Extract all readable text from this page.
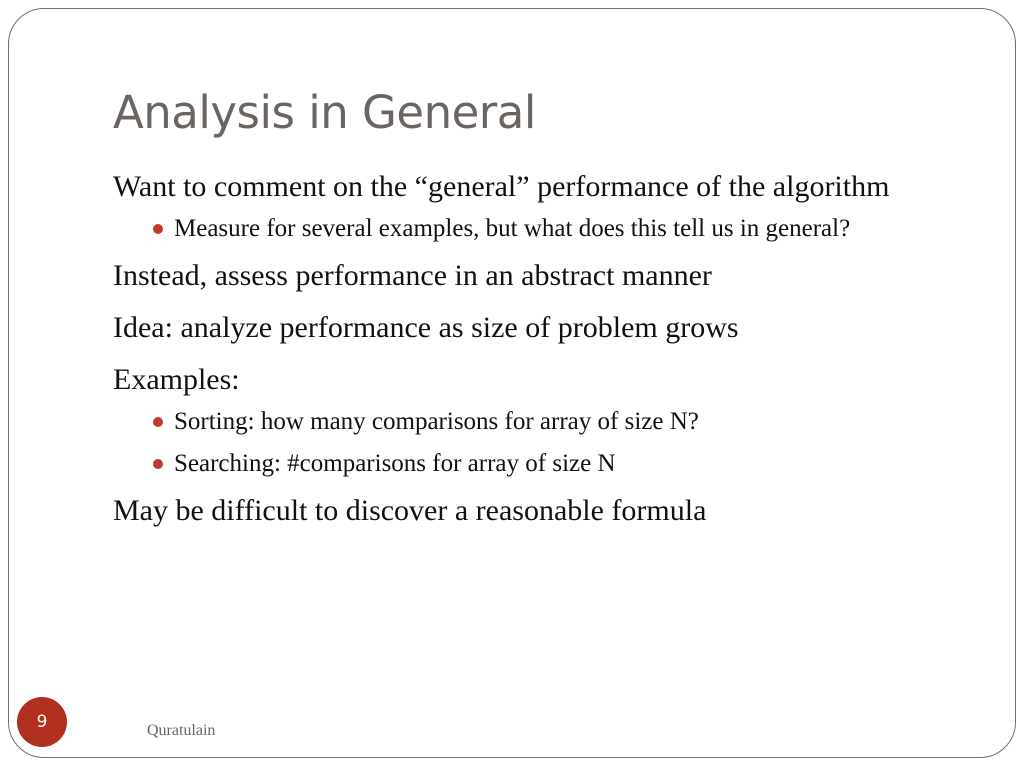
Analysis in General
Want to comment on the “general” performance of the algorithm
Measure for several examples, but what does this tell us in general?
Instead, assess performance in an abstract manner
Idea: analyze performance as size of problem grows
Examples:
Sorting: how many comparisons for array of size N?
Searching: #comparisons for array of size N
May be difficult to discover a reasonable formula
9	Quratulain
